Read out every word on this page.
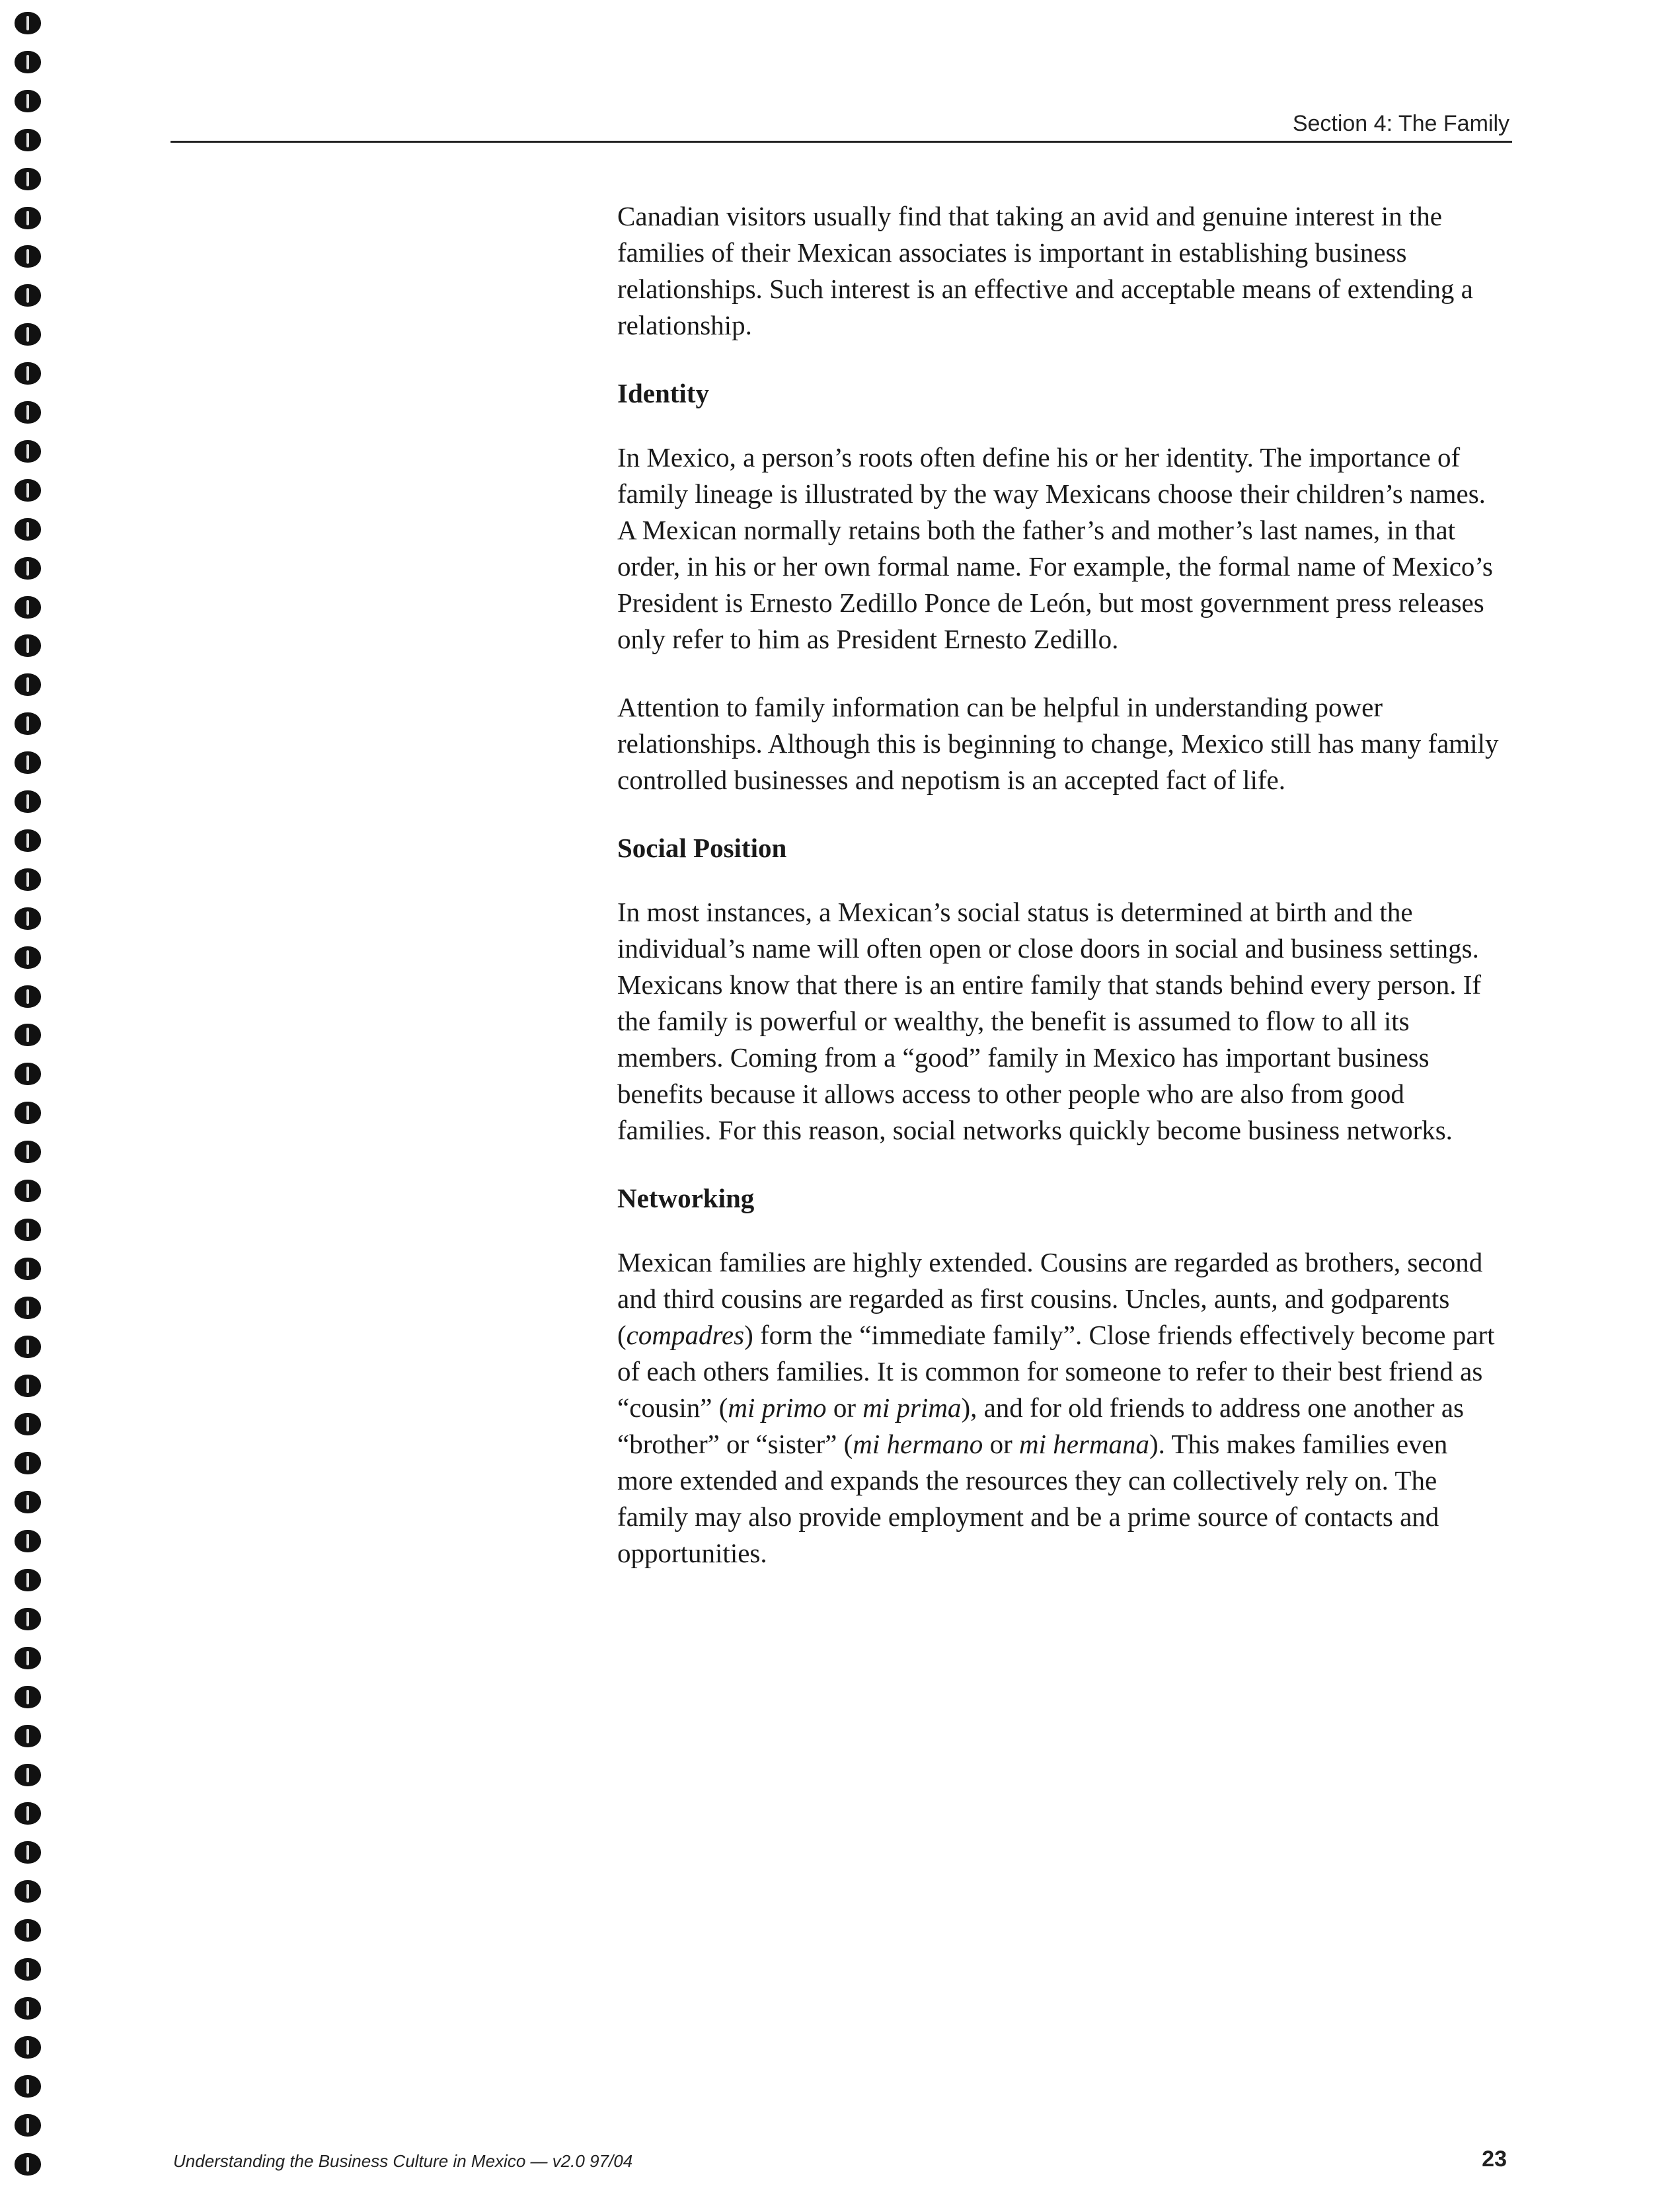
Section 4: The Family

Canadian visitors usually find that taking an avid and genuine interest in the families of their Mexican associates is important in establishing business relationships. Such interest is an effective and acceptable means of extending a relationship.

Identity

In Mexico, a person’s roots often define his or her identity. The importance of family lineage is illustrated by the way Mexicans choose their children’s names. A Mexican normally retains both the father’s and mother’s last names, in that order, in his or her own formal name. For example, the formal name of Mexico’s President is Ernesto Zedillo Ponce de León, but most government press releases only refer to him as President Ernesto Zedillo.

Attention to family information can be helpful in understanding power relationships. Although this is beginning to change, Mexico still has many family controlled businesses and nepotism is an accepted fact of life.

Social Position

In most instances, a Mexican’s social status is determined at birth and the individual’s name will often open or close doors in social and business settings. Mexicans know that there is an entire family that stands behind every person. If the family is powerful or wealthy, the benefit is assumed to flow to all its members. Coming from a “good” family in Mexico has important business benefits because it allows access to other people who are also from good families. For this reason, social networks quickly become business networks.

Networking

Mexican families are highly extended. Cousins are regarded as brothers, second and third cousins are regarded as first cousins. Uncles, aunts, and godparents (compadres) form the “immediate family”. Close friends effectively become part of each others families. It is common for someone to refer to their best friend as “cousin” (mi primo or mi prima), and for old friends to address one another as “brother” or “sister” (mi hermano or mi hermana). This makes families even more extended and expands the resources they can collectively rely on. The family may also provide employment and be a prime source of contacts and opportunities.

Understanding the Business Culture in Mexico — v2.0 97/04	23
